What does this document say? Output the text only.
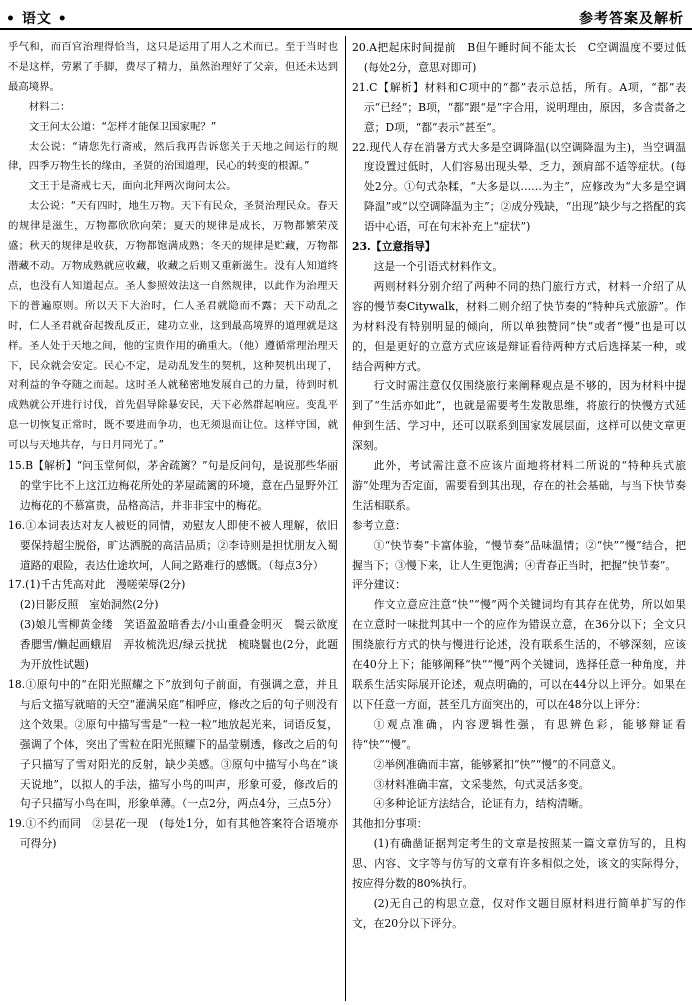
• 语文 •	参考答案及解析

乎气和，而百官治理得恰当，这只是运用了用人之术而已。至于当时也不是这样，劳累了手脚，费尽了精力，虽然治理好了父亲，但还未达到最高境界。

材料二：

文王问太公道：“怎样才能保卫国家呢？”

太公说：“请您先行斋戒，然后我再告诉您关于天地之间运行的规律，四季万物生长的缘由，圣贤的治国道理，民心的转变的根源。”

文王于是斋戒七天，面向北拜两次询问太公。

太公说：“天有四时，地生万物。天下有民众，圣贤治理民众。春天的规律是滋生，万物都欣欣向荣；夏天的规律是成长，万物都繁荣茂盛；秋天的规律是收获，万物都饱满成熟；冬天的规律是贮藏，万物都潜藏不动。万物成熟就应收藏，收藏之后则又重新滋生。没有人知道终点，也没有人知道起点。圣人参照效法这一自然规律，以此作为治理天下的普遍原则。所以天下大治时，仁人圣君就隐而不露；天下动乱之时，仁人圣君就奋起拨乱反正，建功立业，这到最高境界的道理就是这样。圣人处于天地之间，他的宝贵作用的确重大。（他）遵循常理治理天下，民众就会安定。民心不定，是动乱发生的契机，这种契机出现了，对利益的争夺随之而起。这时圣人就秘密地发展自己的力量，待到时机成熟就公开进行讨伐，首先倡导除暴安民，天下必然群起响应。变乱平息一切恢复正常时，既不要进而争功，也无须退而让位。这样守国，就可以与天地共存，与日月同光了。”

15.B【解析】“问玉堂何似，茅舍疏篱？”句是反问句，是说那些华丽的堂宇比不上这江边梅花所处的茅屋疏篱的环境，意在凸显野外江边梅花的不慕富贵，品格高洁，并非非宝中的梅花。

16.①本词表达对友人被贬的同情，劝慰友人即使不被人理解，依旧要保持超尘脱俗，旷达洒脱的高洁品质；②李诗则是担忧朋友入蜀道路的艰险，表达仕途坎坷，人间之路难行的感慨。（每点3分）

17.(1)千古凭高对此　漫嗟荣辱(2分)

(2)日影反照　室始洞然(2分)

(3)娘儿雪柳黄金缕　笑语盈盈暗香去/小山重叠金明灭　鬓云欲度香腮雪/懒起画蛾眉　弄妆梳洗迟/绿云扰扰　梳晓鬟也(2分，此题为开放性试题)

18.①原句中的“在阳光照耀之下”放到句子前面，有强调之意，并且与后文描写就暗的天空“灌满呆庭”相呼应，修改之后的句子则没有这个效果。②原句中描写雪是“一粒一粒”地放起光来，词语反复，强调了个体，突出了雪粒在阳光照耀下的晶莹剔透，修改之后的句子只描写了雪对阳光的反射，缺少美感。③原句中描写小鸟在“谈天说地”，以拟人的手法，描写小鸟的叫声，形象可爱，修改后的句子只描写小鸟在叫，形象单薄。（一点2分，两点4分，三点5分）

19.①不约而同　②昙花一现　(每处1分，如有其他答案符合语境亦可得分)

20.A把起床时间提前　B但午睡时间不能太长　C空调温度不要过低　(每处2分，意思对即可)

21.C【解析】材料和C项中的“都”表示总括，所有。A项，“都”表示“已经”；B项，“都”跟“是”字合用，说明理由，原因，多含责备之意；D项，“都”表示“甚至”。

22.现代人存在消暑方式大多是空调降温(以空调降温为主)，当空调温度设置过低时，人们容易出现头晕、乏力，颈肩部不适等症状。(每处2分。①句式杂糅，“大多是以……为主”，应修改为“大多是空调降温”或“以空调降温为主”；②成分残缺，“出现”缺少与之搭配的宾语中心语，可在句末补充上“症状”)

23.【立意指导】

这是一个引语式材料作文。

两则材料分别介绍了两种不同的热门旅行方式，材料一介绍了从容的慢节奏Citywalk，材料二则介绍了快节奏的“特种兵式旅游”。作为材料没有特别明显的倾向，所以单独赞同“快”或者“慢”也是可以的，但是更好的立意方式应该是辩证看待两种方式后选择某一种，或结合两种方式。

行文时需注意仅仅围绕旅行来阐释观点是不够的，因为材料中提到了“生活亦如此”，也就是需要考生发散思维，将旅行的快慢方式延伸到生活、学习中，还可以联系到国家发展层面，这样可以使文章更深刻。

此外，考试需注意不应该片面地将材料二所说的“特种兵式旅游”处理为否定面，需要看到其出现，存在的社会基础，与当下快节奏生活相联系。

参考立意：

①“快节奏”卡富体验，“慢节奏”品味温情；②“快”“慢”结合，把握当下；③慢下来，让人生更饱满；④青春正当时，把握“快节奏”。

评分建议：

作文立意应注意“快”“慢”两个关键词均有其存在优势，所以如果在立意时一味批判其中一个的应作为错误立意，在36分以下；全文只围绕旅行方式的快与慢进行论述，没有联系生活的，不够深刻，应该在40分上下；能够阐释“快”“慢”两个关键词，选择任意一种角度，并联系生活实际展开论述，观点明确的，可以在44分以上评分。如果在以下任意一方面，甚至几方面突出的，可以在48分以上评分：

①观点准确，内容逻辑性强，有思辨色彩，能够辩证看待“快”“慢”。

②举例准确而丰富，能够紧扣“快”“慢”的不同意义。

③材料准确丰富，文采斐然，句式灵活多变。

④多种论证方法结合，论证有力，结构清晰。

其他扣分事项：

(1)有确凿证据判定考生的文章是按照某一篇文章仿写的，且构思、内容、文字等与仿写的文章有许多相似之处，该文的实际得分，按应得分数的80%执行。

(2)无自己的构思立意，仅对作文题目原材料进行简单扩写的作文，在20分以下评分。
